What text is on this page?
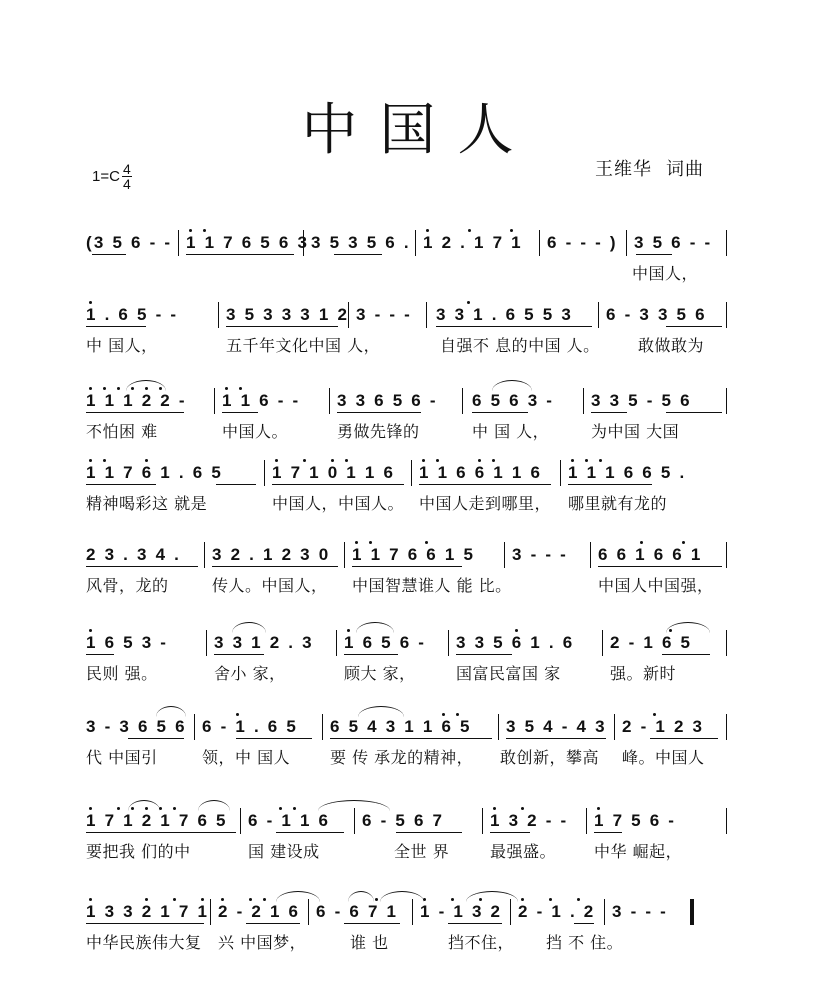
中国人
$1=C \frac{4}{4}$	王维华 词曲
(3 5 6 - - 1 1 7 6 5 6 3 3 5 3 5 6 . 1 2 . 1 7 1 6 - - - ) 3 5 6 - -
中国人，
1 . 6 5 - -	3 5 3 3 3 1 2 3 - - - 3 3 1 . 6 5 5 3 6 - 3 3 5 6
中 国人，	五千年文化中国 人，	自强不 息的中国 人。 敢做敢为
1 1 1 2 2 - 1 1 6 - - 3 3 6 5 6 - 6 5 6 3 - 3 3 5 - 5 6
不怕困 难	中国人。	勇做先锋的	中 国 人，	为中国 大国
1 1 7 6 1 . 6 5	1 7 1 0 1 1 6 1 1 6 6 1 1 6 1 1 1 6 6 5 .
精神喝彩这 就是	中国人，中国人。 中国人走到哪里， 哪里就有龙的
2 3 . 3 4 . 3 2 . 1 2 3 0 1 1 7 6 6 1 5 3 - - - 6 6 1 6 6 1
风骨，龙的	传人。中国人， 中国智慧谁人 能 比。	中国人中国强，
1 6 5 3 -	3 3 1 2 . 3 1 6 5 6 - 3 3 5 6 1 . 6 2 - 1 6 5
民则 强。	舍小 家，	顾大 家，	国富民富国 家	强。新时
3 - 3 6 5 6 6 - 1 . 6 5 6 5 4 3 1 1 6 5 3 5 4 - 4 3 2 - 1 2 3
代 中国引	领，中 国人 要 传 承龙的精神， 敢创新，攀高 峰。中国人
1 7 1 2 1 7 6 5 6 - 1 1 6 6 - 5 6 7	1 3 2 - - 1 7 5 6 -
要把我 们的中	国 建设成	全世 界	最强盛。 中华 崛起，
1 3 3 2 1 7 1 2 - 2 1 6 6 - 6 7 1 1 - 1 3 2 2 - 1 . 2 3 - - -
中华民族伟大复 兴 中国梦，	谁 也	挡不住， 挡 不 住。
